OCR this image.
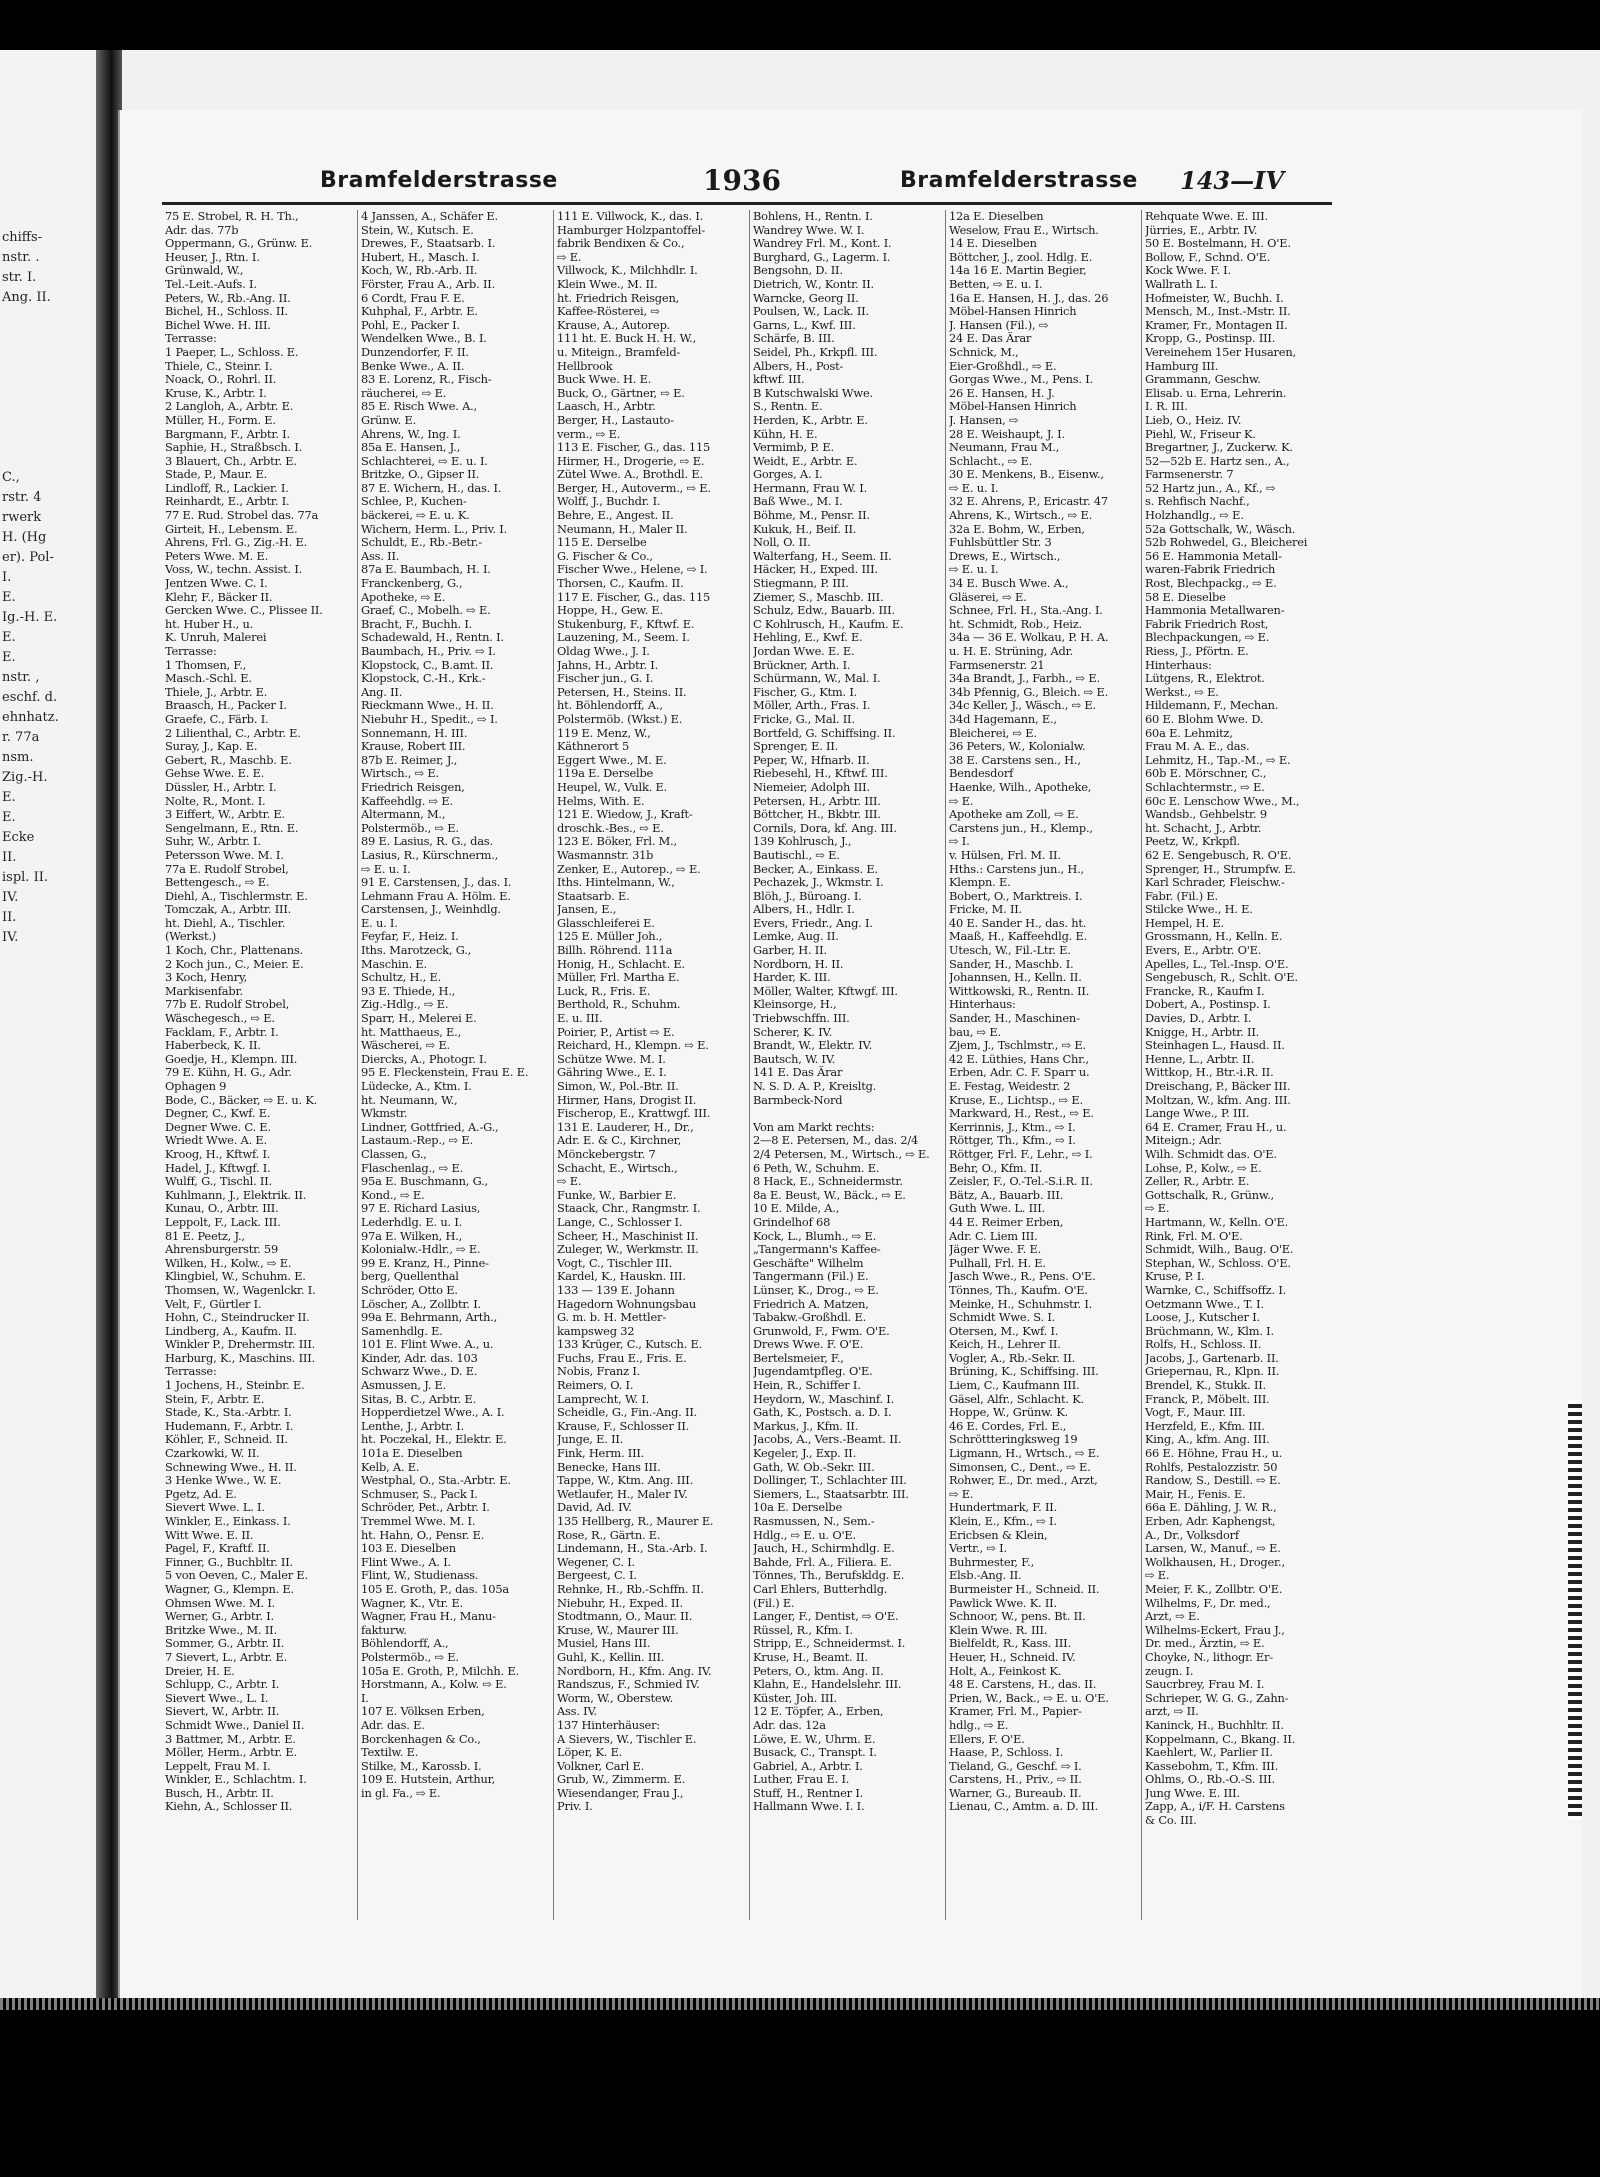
chiffs-
nstr. .
str. I.
Ang. II.
C.,
rstr. 4
rwerk
H. (Hg
er). Pol-
I.
E.
Ig.-H. E.
E.
E.
nstr. ,
eschf. d.
ehnhatz.
r. 77a
nsm.
Zig.-H.
E.
E.
Ecke
II.
ispl. II.
IV.
II.
IV.
Bramfelderstrasse	1936	Bramfelderstrasse 143—IV
75 E. Strobel, R. H. Th.,
Adr. das. 77b
Oppermann, G., Grünw. E.
Heuser, J., Rtn. I.
Grünwald, W.,
Tel.-Leit.-Aufs. I.
Peters, W., Rb.-Ang. II.
Bichel, H., Schloss. II.
Bichel Wwe. H. III.
Terrasse:
1 Paeper, L., Schloss. E.
Thiele, C., Steinr. I.
Noack, O., Rohrl. II.
Kruse, K., Arbtr. I.
2 Langloh, A., Arbtr. E.
Müller, H., Form. E.
Bargmann, F., Arbtr. I.
Saphie, H., Straßbsch. I.
3 Blauert, Ch., Arbtr. E.
Stade, P., Maur. E.
Lindloff, R., Lackier. I.
Reinhardt, E., Arbtr. I.
77 E. Rud. Strobel das. 77a
Girteit, H., Lebensm. E.
Ahrens, Frl. G., Zig.-H. E.
Peters Wwe. M. E.
Voss, W., techn. Assist. I.
Jentzen Wwe. C. I.
Klehr, F., Bäcker II.
Gercken Wwe. C., Plissee II.
ht. Huber H., u.
K. Unruh, Malerei
Terrasse:
1 Thomsen, F.,
Masch.-Schl. E.
Thiele, J., Arbtr. E.
Braasch, H., Packer I.
Graefe, C., Färb. I.
2 Lilienthal, C., Arbtr. E.
Suray, J., Kap. E.
Gebert, R., Maschb. E.
Gehse Wwe. E. E.
Düssler, H., Arbtr. I.
Nolte, R., Mont. I.
3 Eiffert, W., Arbtr. E.
Sengelmann, E., Rtn. E.
Suhr, W., Arbtr. I.
Petersson Wwe. M. I.
77a E. Rudolf Strobel,
Bettengesch., ⇨ E.
Diehl, A., Tischlermstr. E.
Tomczak, A., Arbtr. III.
ht. Diehl, A., Tischler.
(Werkst.)
1 Koch, Chr., Plattenans.
2 Koch jun., C., Meier. E.
3 Koch, Henry,
Markisenfabr.
77b E. Rudolf Strobel,
Wäschegesch., ⇨ E.
Facklam, F., Arbtr. I.
Haberbeck, K. II.
Goedje, H., Klempn. III.
79 E. Kühn, H. G., Adr.
Ophagen 9
Bode, C., Bäcker, ⇨ E. u. K.
Degner, C., Kwf. E.
Degner Wwe. C. E.
Wriedt Wwe. A. E.
Kroog, H., Kftwf. I.
Hadel, J., Kftwgf. I.
Wulff, G., Tischl. II.
Kuhlmann, J., Elektrik. II.
Kunau, O., Arbtr. III.
Leppolt, F., Lack. III.
81 E. Peetz, J.,
Ahrensburgerstr. 59
Wilken, H., Kolw., ⇨ E.
Klingbiel, W., Schuhm. E.
Thomsen, W., Wagenlckr. I.
Velt, F., Gürtler I.
Hohn, C., Steindrucker II.
Lindberg, A., Kaufm. II.
Winkler P., Drehermstr. III.
Harburg, K., Maschins. III.
Terrasse:
1 Jochens, H., Steinbr. E.
Stein, F., Arbtr. E.
Stade, K., Sta.-Arbtr. I.
Hudemann, F., Arbtr. I.
Köhler, F., Schneid. II.
Czarkowki, W. II.
Schnewing Wwe., H. II.
3 Henke Wwe., W. E.
Pgetz, Ad. E.
Sievert Wwe. L. I.
Winkler, E., Einkass. I.
Witt Wwe. E. II.
Pagel, F., Kraftf. II.
Finner, G., Buchbltr. II.
5 von Oeven, C., Maler E.
Wagner, G., Klempn. E.
Ohmsen Wwe. M. I.
Werner, G., Arbtr. I.
Britzke Wwe., M. II.
Sommer, G., Arbtr. II.
7 Sievert, L., Arbtr. E.
Dreier, H. E.
Schlupp, C., Arbtr. I.
Sievert Wwe., L. I.
Sievert, W., Arbtr. II.
Schmidt Wwe., Daniel II.
3 Battmer, M., Arbtr. E.
Möller, Herm., Arbtr. E.
Leppelt, Frau M. I.
Winkler, E., Schlachtm. I.
Busch, H., Arbtr. II.
Kiehn, A., Schlosser II.
4 Janssen, A., Schäfer E.
Stein, W., Kutsch. E.
Drewes, F., Staatsarb. I.
Hubert, H., Masch. I.
Koch, W., Rb.-Arb. II.
Förster, Frau A., Arb. II.
6 Cordt, Frau F. E.
Kuhphal, F., Arbtr. E.
Pohl, E., Packer I.
Wendelken Wwe., B. I.
Dunzendorfer, F. II.
Benke Wwe., A. II.
83 E. Lorenz, R., Fisch-
räucherei, ⇨ E.
85 E. Risch Wwe. A.,
Grünw. E.
Ahrens, W., Ing. I.
85a E. Hansen, J.,
Schlachterei, ⇨ E. u. I.
Britzke, O., Gipser II.
87 E. Wichern, H., das. I.
Schlee, P., Kuchen-
bäckerei, ⇨ E. u. K.
Wichern, Herm. L., Priv. I.
Schuldt, E., Rb.-Betr.-
Ass. II.
87a E. Baumbach, H. I.
Franckenberg, G.,
Apotheke, ⇨ E.
Graef, C., Mobelh. ⇨ E.
Bracht, F., Buchh. I.
Schadewald, H., Rentn. I.
Baumbach, H., Priv. ⇨ I.
Klopstock, C., B.amt. II.
Klopstock, C.-H., Krk.-
Ang. II.
Rieckmann Wwe., H. II.
Niebuhr H., Spedit., ⇨ I.
Sonnemann, H. III.
Krause, Robert III.
87b E. Reimer, J.,
Wirtsch., ⇨ E.
Friedrich Reisgen,
Kaffeehdlg. ⇨ E.
Altermann, M.,
Polstermöb., ⇨ E.
89 E. Lasius, R. G., das.
Lasius, R., Kürschnerm.,
⇨ E. u. I.
91 E. Carstensen, J., das. I.
Lehmann Frau A. Hölm. E.
Carstensen, J., Weinhdlg.
E. u. I.
Feyfar, F., Heiz. I.
Iths. Marotzeck, G.,
Maschin. E.
Schultz, H., E.
93 E. Thiede, H.,
Zig.-Hdlg., ⇨ E.
Sparr, H., Melerei E.
ht. Matthaeus, E.,
Wäscherei, ⇨ E.
Diercks, A., Photogr. I.
95 E. Fleckenstein, Frau E. E.
Lüdecke, A., Ktm. I.
ht. Neumann, W.,
Wkmstr.
Lindner, Gottfried, A.-G.,
Lastaum.-Rep., ⇨ E.
Classen, G.,
Flaschenlag., ⇨ E.
95a E. Buschmann, G.,
Kond., ⇨ E.
97 E. Richard Lasius,
Lederhdlg. E. u. I.
97a E. Wilken, H.,
Kolonialw.-Hdlr., ⇨ E.
99 E. Kranz, H., Pinne-
berg, Quellenthal
Schröder, Otto E.
Löscher, A., Zollbtr. I.
99a E. Behrmann, Arth.,
Samenhdlg. E.
101 E. Flint Wwe. A., u.
Kinder, Adr. das. 103
Schwarz Wwe., D. E.
Asmussen, J. E.
Sitas, B. C., Arbtr. E.
Hopperdietzel Wwe., A. I.
Lenthe, J., Arbtr. I.
ht. Poczekal, H., Elektr. E.
101a E. Dieselben
Kelb, A. E.
Westphal, O., Sta.-Arbtr. E.
Schmuser, S., Pack I.
Schröder, Pet., Arbtr. I.
Tremmel Wwe. M. I.
ht. Hahn, O., Pensr. E.
103 E. Dieselben
Flint Wwe., A. I.
Flint, W., Studienass.
105 E. Groth, P., das. 105a
Wagner, K., Vtr. E.
Wagner, Frau H., Manu-
fakturw.
Böhlendorff, A.,
Polstermöb., ⇨ E.
105a E. Groth, P., Milchh. E.
Horstmann, A., Kolw. ⇨ E.
I.
107 E. Völksen Erben,
Adr. das. E.
Borckenhagen & Co.,
Textilw. E.
Stilke, M., Karossb. I.
109 E. Hutstein, Arthur,
in gl. Fa., ⇨ E.
111 E. Villwock, K., das. I.
Hamburger Holzpantoffel-
fabrik Bendixen & Co.,
⇨ E.
Villwock, K., Milchhdlr. I.
Klein Wwe., M. II.
ht. Friedrich Reisgen,
Kaffee-Rösterei, ⇨
Krause, A., Autorep.
111 ht. E. Buck H. H. W.,
u. Miteign., Bramfeld-
Hellbrook
Buck Wwe. H. E.
Buck, O., Gärtner, ⇨ E.
Laasch, H., Arbtr.
Berger, H., Lastauto-
verm., ⇨ E.
113 E. Fischer, G., das. 115
Hirmer, H., Drogerie, ⇨ E.
Zütel Wwe. A., Brothdl. E.
Berger, H., Autoverm., ⇨ E.
Wolff, J., Buchdr. I.
Behre, E., Angest. II.
Neumann, H., Maler II.
115 E. Derselbe
G. Fischer & Co.,
Fischer Wwe., Helene, ⇨ I.
Thorsen, C., Kaufm. II.
117 E. Fischer, G., das. 115
Hoppe, H., Gew. E.
Stukenburg, F., Kftwf. E.
Lauzening, M., Seem. I.
Oldag Wwe., J. I.
Jahns, H., Arbtr. I.
Fischer jun., G. I.
Petersen, H., Steins. II.
ht. Böhlendorff, A.,
Polstermöb. (Wkst.) E.
119 E. Menz, W.,
Käthnerort 5
Eggert Wwe., M. E.
119a E. Derselbe
Heupel, W., Vulk. E.
Helms, With. E.
121 E. Wiedow, J., Kraft-
droschk.-Bes., ⇨ E.
123 E. Böker, Frl. M.,
Wasmannstr. 31b
Zenker, E., Autorep., ⇨ E.
Iths. Hintelmann, W.,
Staatsarb. E.
Jansen, E.,
Glasschleiferei E.
125 E. Müller Joh.,
Billh. Röhrend. 111a
Honig, H., Schlacht. E.
Müller, Frl. Martha E.
Luck, R., Fris. E.
Berthold, R., Schuhm.
E. u. III.
Poirier, P., Artist ⇨ E.
Reichard, H., Klempn. ⇨ E.
Schütze Wwe. M. I.
Gähring Wwe., E. I.
Simon, W., Pol.-Btr. II.
Hirmer, Hans, Drogist II.
Fischerop, E., Krattwgf. III.
131 E. Lauderer, H., Dr.,
Adr. E. & C., Kirchner,
Mönckebergstr. 7
Schacht, E., Wirtsch.,
⇨ E.
Funke, W., Barbier E.
Staack, Chr., Rangmstr. I.
Lange, C., Schlosser I.
Scheer, H., Maschinist II.
Zuleger, W., Werkmstr. II.
Vogt, C., Tischler III.
Kardel, K., Hauskn. III.
133 — 139 E. Johann
Hagedorn Wohnungsbau
G. m. b. H. Mettler-
kampsweg 32
133 Krüger, C., Kutsch. E.
Fuchs, Frau E., Fris. E.
Nobis, Franz I.
Reimers, O. I.
Lamprecht, W. I.
Scheidle, G., Fin.-Ang. II.
Krause, F., Schlosser II.
Junge, E. II.
Fink, Herm. III.
Benecke, Hans III.
Tappe, W., Ktm. Ang. III.
Wetlaufer, H., Maler IV.
David, Ad. IV.
135 Hellberg, R., Maurer E.
Rose, R., Gärtn. E.
Lindemann, H., Sta.-Arb. I.
Wegener, C. I.
Bergeest, C. I.
Rehnke, H., Rb.-Schffn. II.
Niebuhr, H., Exped. II.
Stodtmann, O., Maur. II.
Kruse, W., Maurer III.
Musiel, Hans III.
Guhl, K., Kellin. III.
Nordborn, H., Kfm. Ang. IV.
Randszus, F., Schmied IV.
Worm, W., Oberstew.
Ass. IV.
137 Hinterhäuser:
A Sievers, W., Tischler E.
Löper, K. E.
Volkner, Carl E.
Grub, W., Zimmerm. E.
Wiesendanger, Frau J.,
Priv. I.
Bohlens, H., Rentn. I.
Wandrey Wwe. W. I.
Wandrey Frl. M., Kont. I.
Burghard, G., Lagerm. I.
Bengsohn, D. II.
Dietrich, W., Kontr. II.
Warncke, Georg II.
Poulsen, W., Lack. II.
Garns, L., Kwf. III.
Schärfe, B. III.
Seidel, Ph., Krkpfl. III.
Albers, H., Post-
kftwf. III.
B Kutschwalski Wwe.
S., Rentn. E.
Herden, K., Arbtr. E.
Kühn, H. E.
Vermimb, P. E.
Weidt, E., Arbtr. E.
Gorges, A. I.
Hermann, Frau W. I.
Baß Wwe., M. I.
Böhme, M., Pensr. II.
Kukuk, H., Beif. II.
Noll, O. II.
Walterfang, H., Seem. II.
Häcker, H., Exped. III.
Stiegmann, P. III.
Ziemer, S., Maschb. III.
Schulz, Edw., Bauarb. III.
C Kohlrusch, H., Kaufm. E.
Hehling, E., Kwf. E.
Jordan Wwe. E. E.
Brückner, Arth. I.
Schürmann, W., Mal. I.
Fischer, G., Ktm. I.
Möller, Arth., Fras. I.
Fricke, G., Mal. II.
Bortfeld, G. Schiffsing. II.
Sprenger, E. II.
Peper, W., Hfnarb. II.
Riebesehl, H., Kftwf. III.
Niemeier, Adolph III.
Petersen, H., Arbtr. III.
Böttcher, H., Bkbtr. III.
Cornils, Dora, kf. Ang. III.
139 Kohlrusch, J.,
Bautischl., ⇨ E.
Becker, A., Einkass. E.
Pechazek, J., Wkmstr. I.
Blöh, J., Büroang. I.
Albers, H., Hdlr. I.
Evers, Friedr., Ang. I.
Lemke, Aug. II.
Garber, H. II.
Nordborn, H. II.
Harder, K. III.
Möller, Walter, Kftwgf. III.
Kleinsorge, H.,
Triebwschffn. III.
Scherer, K. IV.
Brandt, W., Elektr. IV.
Bautsch, W. IV.
141 E. Das Ärar
N. S. D. A. P., Kreisltg.
Barmbeck-Nord
Von am Markt rechts:
2—8 E. Petersen, M., das. 2/4
2/4 Petersen, M., Wirtsch., ⇨ E.
6 Peth, W., Schuhm. E.
8 Hack, E., Schneidermstr.
8a E. Beust, W., Bäck., ⇨ E.
10 E. Milde, A.,
Grindelhof 68
Kock, L., Blumh., ⇨ E.
„Tangermann's Kaffee-
Geschäfte" Wilhelm
Tangermann (Fil.) E.
Lünser, K., Drog., ⇨ E.
Friedrich A. Matzen,
Tabakw.-Großhdl. E.
Grunwold, F., Fwm. O'E.
Drews Wwe. F. O'E.
Bertelsmeier, F.,
Jugendamtpfleg. O'E.
Hein, R., Schiffer I.
Heydorn, W., Maschinf. I.
Gath, K., Postsch. a. D. I.
Markus, J., Kfm. II.
Jacobs, A., Vers.-Beamt. II.
Kegeler, J., Exp. II.
Gath, W. Ob.-Sekr. III.
Dollinger, T., Schlachter III.
Siemers, L., Staatsarbtr. III.
10a E. Derselbe
Rasmussen, N., Sem.-
Hdlg., ⇨ E. u. O'E.
Jauch, H., Schirmhdlg. E.
Bahde, Frl. A., Filiera. E.
Tönnes, Th., Berufskldg. E.
Carl Ehlers, Butterhdlg.
(Fil.) E.
Langer, F., Dentist, ⇨ O'E.
Rüssel, R., Kfm. I.
Stripp, E., Schneidermst. I.
Kruse, H., Beamt. II.
Peters, O., ktm. Ang. II.
Klahn, E., Handelslehr. III.
Küster, Joh. III.
12 E. Töpfer, A., Erben,
Adr. das. 12a
Löwe, E. W., Uhrm. E.
Busack, C., Transpt. I.
Gabriel, A., Arbtr. I.
Luther, Frau E. I.
Stuff, H., Rentner I.
Hallmann Wwe. I. I.
12a E. Dieselben
Weselow, Frau E., Wirtsch.
14 E. Dieselben
Böttcher, J., zool. Hdlg. E.
14a 16 E. Martin Begier,
Betten, ⇨ E. u. I.
16a E. Hansen, H. J., das. 26
Möbel-Hansen Hinrich
J. Hansen (Fil.), ⇨
24 E. Das Ärar
Schnick, M.,
Eier-Großhdl., ⇨ E.
Gorgas Wwe., M., Pens. I.
26 E. Hansen, H. J.
Möbel-Hansen Hinrich
J. Hansen, ⇨
28 E. Weishaupt, J. I.
Neumann, Frau M.,
Schlacht., ⇨ E.
30 E. Menkens, B., Eisenw.,
⇨ E. u. I.
32 E. Ahrens, P., Ericastr. 47
Ahrens, K., Wirtsch., ⇨ E.
32a E. Bohm, W., Erben,
Fuhlsbüttler Str. 3
Drews, E., Wirtsch.,
⇨ E. u. I.
34 E. Busch Wwe. A.,
Gläserei, ⇨ E.
Schnee, Frl. H., Sta.-Ang. I.
ht. Schmidt, Rob., Heiz.
34a — 36 E. Wolkau, P. H. A.
u. H. E. Strüning, Adr.
Farmsenerstr. 21
34a Brandt, J., Farbh., ⇨ E.
34b Pfennig, G., Bleich. ⇨ E.
34c Keller, J., Wäsch., ⇨ E.
34d Hagemann, E.,
Bleicherei, ⇨ E.
36 Peters, W., Kolonialw.
38 E. Carstens sen., H.,
Bendesdorf
Haenke, Wilh., Apotheke,
⇨ E.
Apotheke am Zoll, ⇨ E.
Carstens jun., H., Klemp.,
⇨ I.
v. Hülsen, Frl. M. II.
Hths.: Carstens jun., H.,
Klempn. E.
Bobert, O., Marktreis. I.
Fricke, M. II.
40 E. Sander H., das. ht.
Maaß, H., Kaffeehdlg. E.
Utesch, W., Fil.-Ltr. E.
Sander, H., Maschb. I.
Johannsen, H., Kelln. II.
Wittkowski, R., Rentn. II.
Hinterhaus:
Sander, H., Maschinen-
bau, ⇨ E.
Zjem, J., Tschlmstr., ⇨ E.
42 E. Lüthies, Hans Chr.,
Erben, Adr. C. F. Sparr u.
E. Festag, Weidestr. 2
Kruse, E., Lichtsp., ⇨ E.
Markward, H., Rest., ⇨ E.
Kerrinnis, J., Ktm., ⇨ I.
Röttger, Th., Kfm., ⇨ I.
Röttger, Frl. F., Lehr., ⇨ I.
Behr, O., Kfm. II.
Zeisler, F., O.-Tel.-S.i.R. II.
Bätz, A., Bauarb. III.
Guth Wwe. L. III.
44 E. Reimer Erben,
Adr. C. Liem III.
Jäger Wwe. F. E.
Pulhall, Frl. H. E.
Jasch Wwe., R., Pens. O'E.
Tönnes, Th., Kaufm. O'E.
Meinke, H., Schuhmstr. I.
Schmidt Wwe. S. I.
Otersen, M., Kwf. I.
Keich, H., Lehrer II.
Vogler, A., Rb.-Sekr. II.
Brüning, K., Schiffsing. III.
Liem, C., Kaufmann III.
Gäsel, Alfr., Schlacht. K.
Hoppe, W., Grünw. K.
46 E. Cordes, Frl. E.,
Schröttteringksweg 19
Ligmann, H., Wrtsch., ⇨ E.
Simonsen, C., Dent., ⇨ E.
Rohwer, E., Dr. med., Arzt,
⇨ E.
Hundertmark, F. II.
Klein, E., Kfm., ⇨ I.
Ericbsen & Klein,
Vertr., ⇨ I.
Buhrmester, F.,
Elsb.-Ang. II.
Burmeister H., Schneid. II.
Pawlick Wwe. K. II.
Schnoor, W., pens. Bt. II.
Klein Wwe. R. III.
Bielfeldt, R., Kass. III.
Heuer, H., Schneid. IV.
Holt, A., Feinkost K.
48 E. Carstens, H., das. II.
Prien, W., Back., ⇨ E. u. O'E.
Kramer, Frl. M., Papier-
hdlg., ⇨ E.
Ellers, F. O'E.
Haase, P., Schloss. I.
Tieland, G., Geschf. ⇨ I.
Carstens, H., Priv., ⇨ II.
Warner, G., Bureaub. II.
Lienau, C., Amtm. a. D. III.
Rehquate Wwe. E. III.
Jürries, E., Arbtr. IV.
50 E. Bostelmann, H. O'E.
Bollow, F., Schnd. O'E.
Kock Wwe. F. I.
Wallrath L. I.
Hofmeister, W., Buchh. I.
Mensch, M., Inst.-Mstr. II.
Kramer, Fr., Montagen II.
Kropp, G., Postinsp. III.
Vereinehem 15er Husaren,
Hamburg III.
Grammann, Geschw.
Elisab. u. Erna, Lehrerin.
I. R. III.
Lieb, O., Heiz. IV.
Piehl, W., Friseur K.
Bregartner, J., Zuckerw. K.
52—52b E. Hartz sen., A.,
Farmsenerstr. 7
52 Hartz jun., A., Kf., ⇨
s. Rehfisch Nachf.,
Holzhandlg., ⇨ E.
52a Gottschalk, W., Wäsch.
52b Rohwedel, G., Bleicherei
56 E. Hammonia Metall-
waren-Fabrik Friedrich
Rost, Blechpackg., ⇨ E.
58 E. Dieselbe
Hammonia Metallwaren-
Fabrik Friedrich Rost,
Blechpackungen, ⇨ E.
Riess, J., Pförtn. E.
Hinterhaus:
Lütgens, R., Elektrot.
Werkst., ⇨ E.
Hildemann, F., Mechan.
60 E. Blohm Wwe. D.
60a E. Lehmitz,
Frau M. A. E., das.
Lehmitz, H., Tap.-M., ⇨ E.
60b E. Mörschner, C.,
Schlachtermstr., ⇨ E.
60c E. Lenschow Wwe., M.,
Wandsb., Gehbelstr. 9
ht. Schacht, J., Arbtr.
Peetz, W., Krkpfl.
62 E. Sengebusch, R. O'E.
Sprenger, H., Strumpfw. E.
Karl Schrader, Fleischw.-
Fabr. (Fil.) E.
Stilcke Wwe., H. E.
Hempel, H. E.
Grossmann, H., Kelln. E.
Evers, E., Arbtr. O'E.
Apelles, L., Tel.-Insp. O'E.
Sengebusch, R., Schlt. O'E.
Francke, R., Kaufm I.
Dobert, A., Postinsp. I.
Davies, D., Arbtr. I.
Knigge, H., Arbtr. II.
Steinhagen L., Hausd. II.
Henne, L., Arbtr. II.
Wittkop, H., Btr.-i.R. II.
Dreischang, P., Bäcker III.
Moltzan, W., kfm. Ang. III.
Lange Wwe., P. III.
64 E. Cramer, Frau H., u.
Miteign.; Adr.
Wilh. Schmidt das. O'E.
Lohse, P., Kolw., ⇨ E.
Zeller, R., Arbtr. E.
Gottschalk, R., Grünw.,
⇨ E.
Hartmann, W., Kelln. O'E.
Rink, Frl. M. O'E.
Schmidt, Wilh., Baug. O'E.
Stephan, W., Schloss. O'E.
Kruse, P. I.
Warnke, C., Schiffsoffz. I.
Oetzmann Wwe., T. I.
Loose, J., Kutscher I.
Brüchmann, W., Klm. I.
Rolfs, H., Schloss. II.
Jacobs, J., Gartenarb. II.
Griepernau, R., Klpn. II.
Brendel, K., Stukk. II.
Franck, P., Möbelt. III.
Vogt, F., Maur. III.
Herzfeld, E., Kfm. III.
King, A., kfm. Ang. III.
66 E. Höhne, Frau H., u.
Rohlfs, Pestalozzistr. 50
Randow, S., Destill. ⇨ E.
Mair, H., Fenis. E.
66a E. Dähling, J. W. R.,
Erben, Adr. Kaphengst,
A., Dr., Volksdorf
Larsen, W., Manuf., ⇨ E.
Wolkhausen, H., Droger.,
⇨ E.
Meier, F. K., Zollbtr. O'E.
Wilhelms, F., Dr. med.,
Arzt, ⇨ E.
Wilhelms-Eckert, Frau J.,
Dr. med., Ärztin, ⇨ E.
Choyke, N., lithogr. Er-
zeugn. I.
Saucrbrey, Frau M. I.
Schrieper, W. G. G., Zahn-
arzt, ⇨ II.
Kaninck, H., Buchhltr. II.
Koppelmann, C., Bkang. II.
Kaehlert, W., Parlier II.
Kassebohm, T., Kfm. III.
Ohlms, O., Rb.-O.-S. III.
Jung Wwe. E. III.
Zapp, A., i/F. H. Carstens
& Co. III.
